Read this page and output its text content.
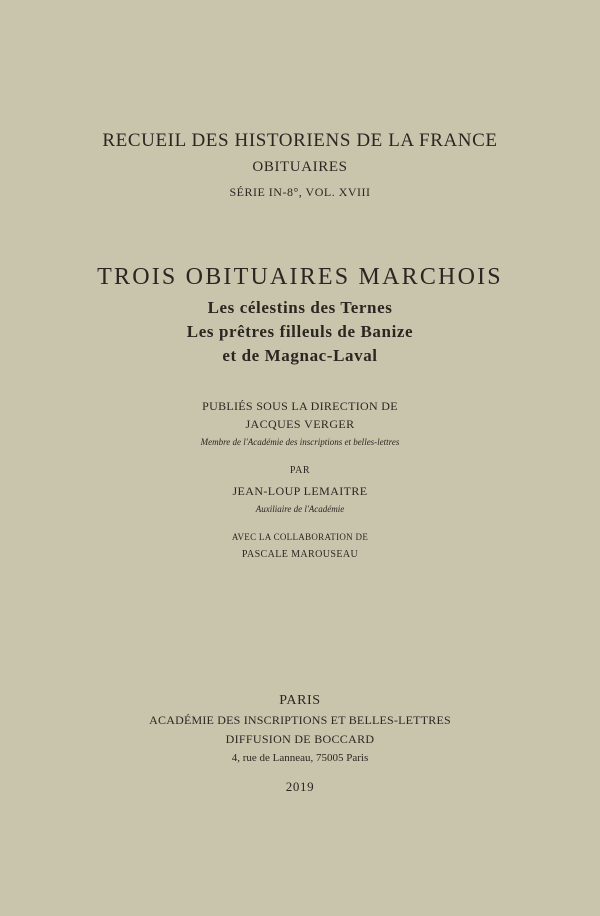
RECUEIL DES HISTORIENS DE LA FRANCE
OBITUAIRES
SÉRIE IN-8°, VOL. XVIII
TROIS OBITUAIRES MARCHOIS
Les célestins des Ternes
Les prêtres filleuls de Banize
et de Magnac-Laval
PUBLIÉS SOUS LA DIRECTION DE
JACQUES VERGER
Membre de l'Académie des inscriptions et belles-lettres
PAR
JEAN-LOUP LEMAITRE
Auxiliaire de l'Académie
AVEC LA COLLABORATION DE
PASCALE MAROUSEAU
PARIS
ACADÉMIE DES INSCRIPTIONS ET BELLES-LETTRES
DIFFUSION DE BOCCARD
4, rue de Lanneau, 75005 Paris
2019
